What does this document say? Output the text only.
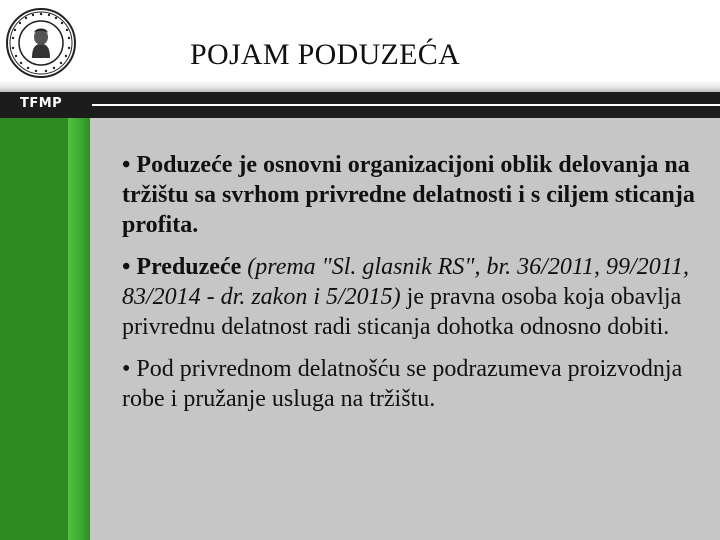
POJAM PODUZEĆA
TFMP

• Poduzeće je osnovni organizacijoni oblik delovanja na tržištu sa svrhom privredne delatnosti i s ciljem sticanja profita.

• Preduzeće (prema "Sl. glasnik RS", br. 36/2011, 99/2011, 83/2014 - dr. zakon i 5/2015) je pravna osoba koja obavlja privrednu delatnost radi sticanja dohotka odnosno dobiti.

• Pod privrednom delatnošću se podrazumeva proizvodnja robe i pružanje usluga na tržištu.
